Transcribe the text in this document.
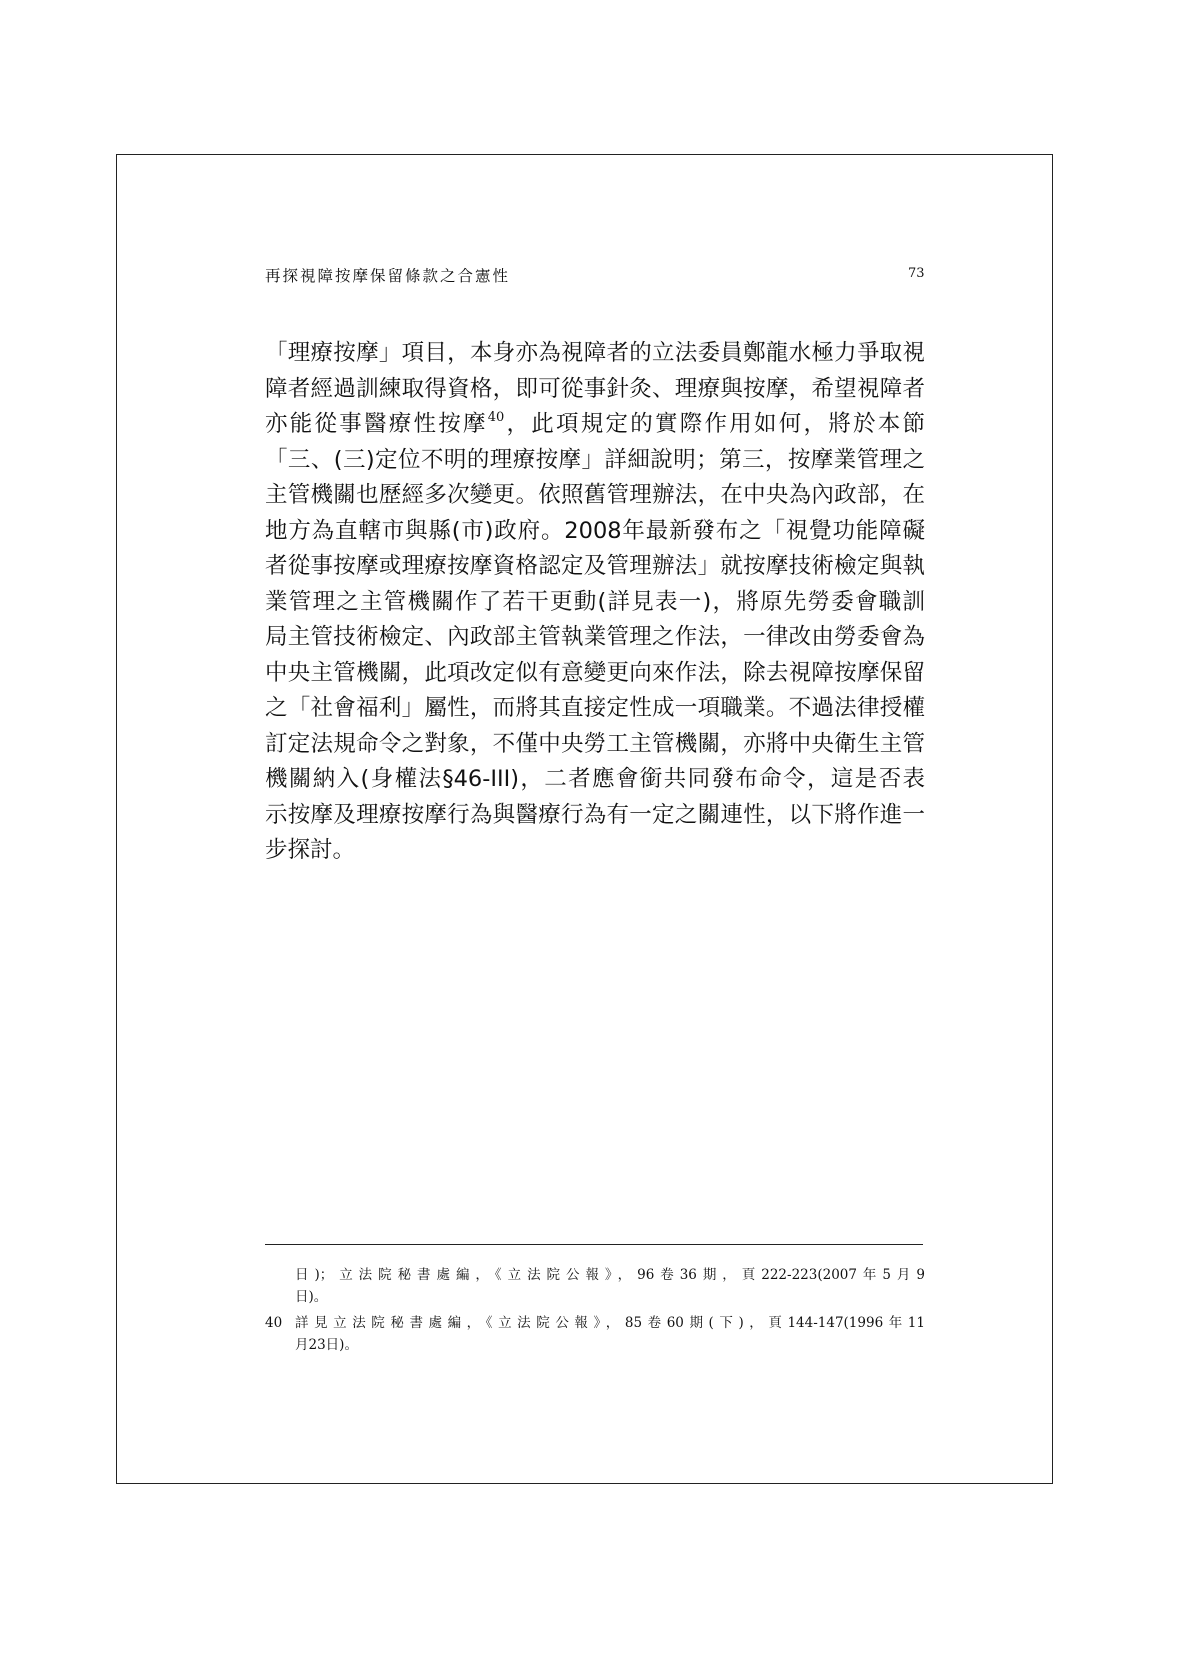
再探視障按摩保留條款之合憲性	73
「理療按摩」項目，本身亦為視障者的立法委員鄭龍水極力爭取視
障者經過訓練取得資格，即可從事針灸、理療與按摩，希望視障者
亦能從事醫療性按摩$^{40}$，此項規定的實際作用如何，將於本節
「三、(三)定位不明的理療按摩」詳細說明；第三，按摩業管理之
主管機關也歷經多次變更。依照舊管理辦法，在中央為內政部，在
地方為直轄市與縣(市)政府。2008年最新發布之「視覺功能障礙
者從事按摩或理療按摩資格認定及管理辦法」就按摩技術檢定與執
業管理之主管機關作了若干更動(詳見表一)，將原先勞委會職訓
局主管技術檢定、內政部主管執業管理之作法，一律改由勞委會為
中央主管機關，此項改定似有意變更向來作法，除去視障按摩保留
之「社會福利」屬性，而將其直接定性成一項職業。不過法律授權
訂定法規命令之對象，不僅中央勞工主管機關，亦將中央衛生主管
機關納入(身權法§46-III)，二者應會銜共同發布命令，這是否表
示按摩及理療按摩行為與醫療行為有一定之關連性，以下將作進一
步探討。
日)；立法院秘書處編，《立法院公報》，96卷36期，頁222-223(2007年5月9
日)。
40 詳見立法院秘書處編，《立法院公報》，85卷60期(下)，頁144-147(1996年11
月23日)。
